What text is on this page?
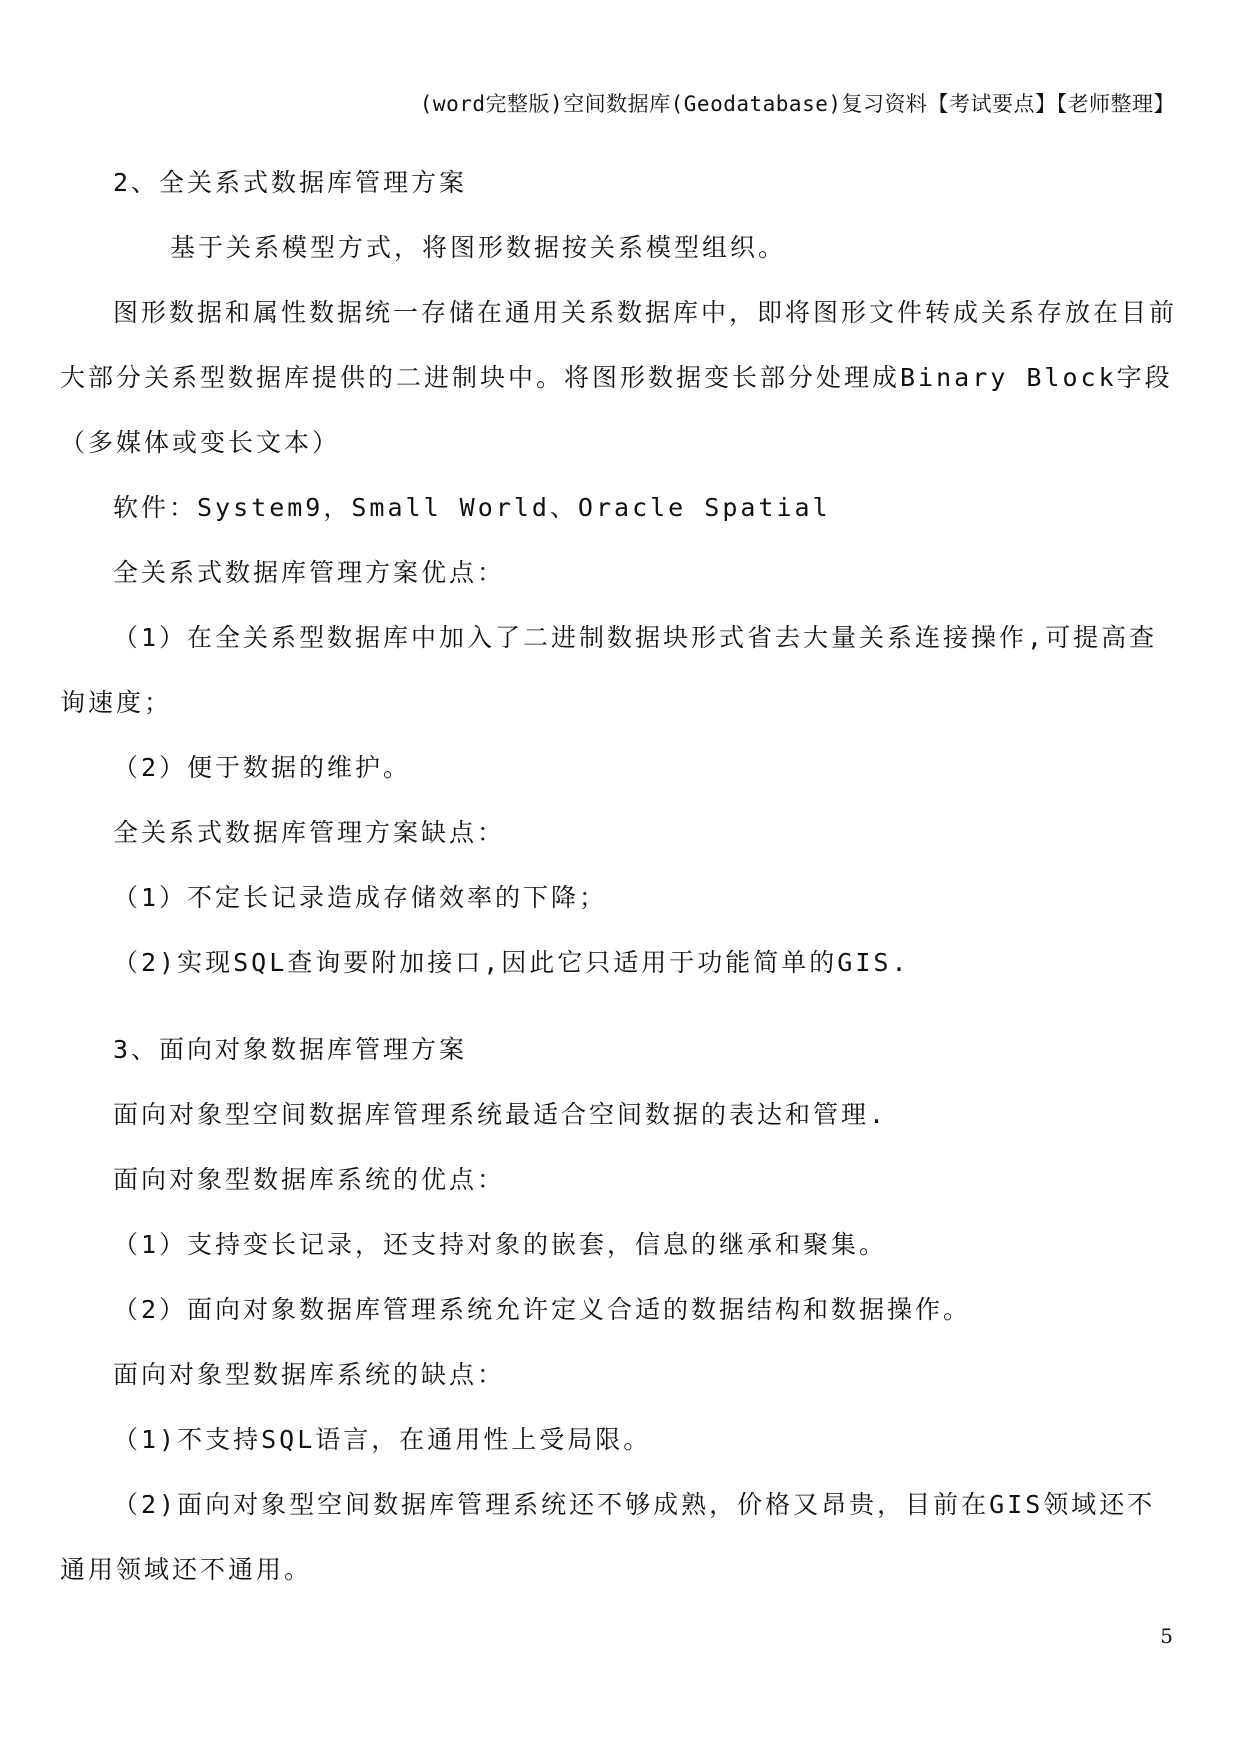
(word完整版)空间数据库(Geodatabase)复习资料【考试要点】【老师整理】

2、全关系式数据库管理方案

基于关系模型方式，将图形数据按关系模型组织。

图形数据和属性数据统一存储在通用关系数据库中，即将图形文件转成关系存放在目前大部分关系型数据库提供的二进制块中。将图形数据变长部分处理成Binary Block字段（多媒体或变长文本）

软件：System9，Small World、Oracle Spatial

全关系式数据库管理方案优点：

（1）在全关系型数据库中加入了二进制数据块形式省去大量关系连接操作,可提高查询速度；

（2）便于数据的维护。

全关系式数据库管理方案缺点：

（1）不定长记录造成存储效率的下降；

（2)实现SQL查询要附加接口,因此它只适用于功能简单的GIS.

3、面向对象数据库管理方案

面向对象型空间数据库管理系统最适合空间数据的表达和管理.

面向对象型数据库系统的优点：

（1）支持变长记录，还支持对象的嵌套，信息的继承和聚集。

（2）面向对象数据库管理系统允许定义合适的数据结构和数据操作。

面向对象型数据库系统的缺点：

（1)不支持SQL语言，在通用性上受局限。

（2)面向对象型空间数据库管理系统还不够成熟，价格又昂贵，目前在GIS领域还不通用领域还不通用。

5
